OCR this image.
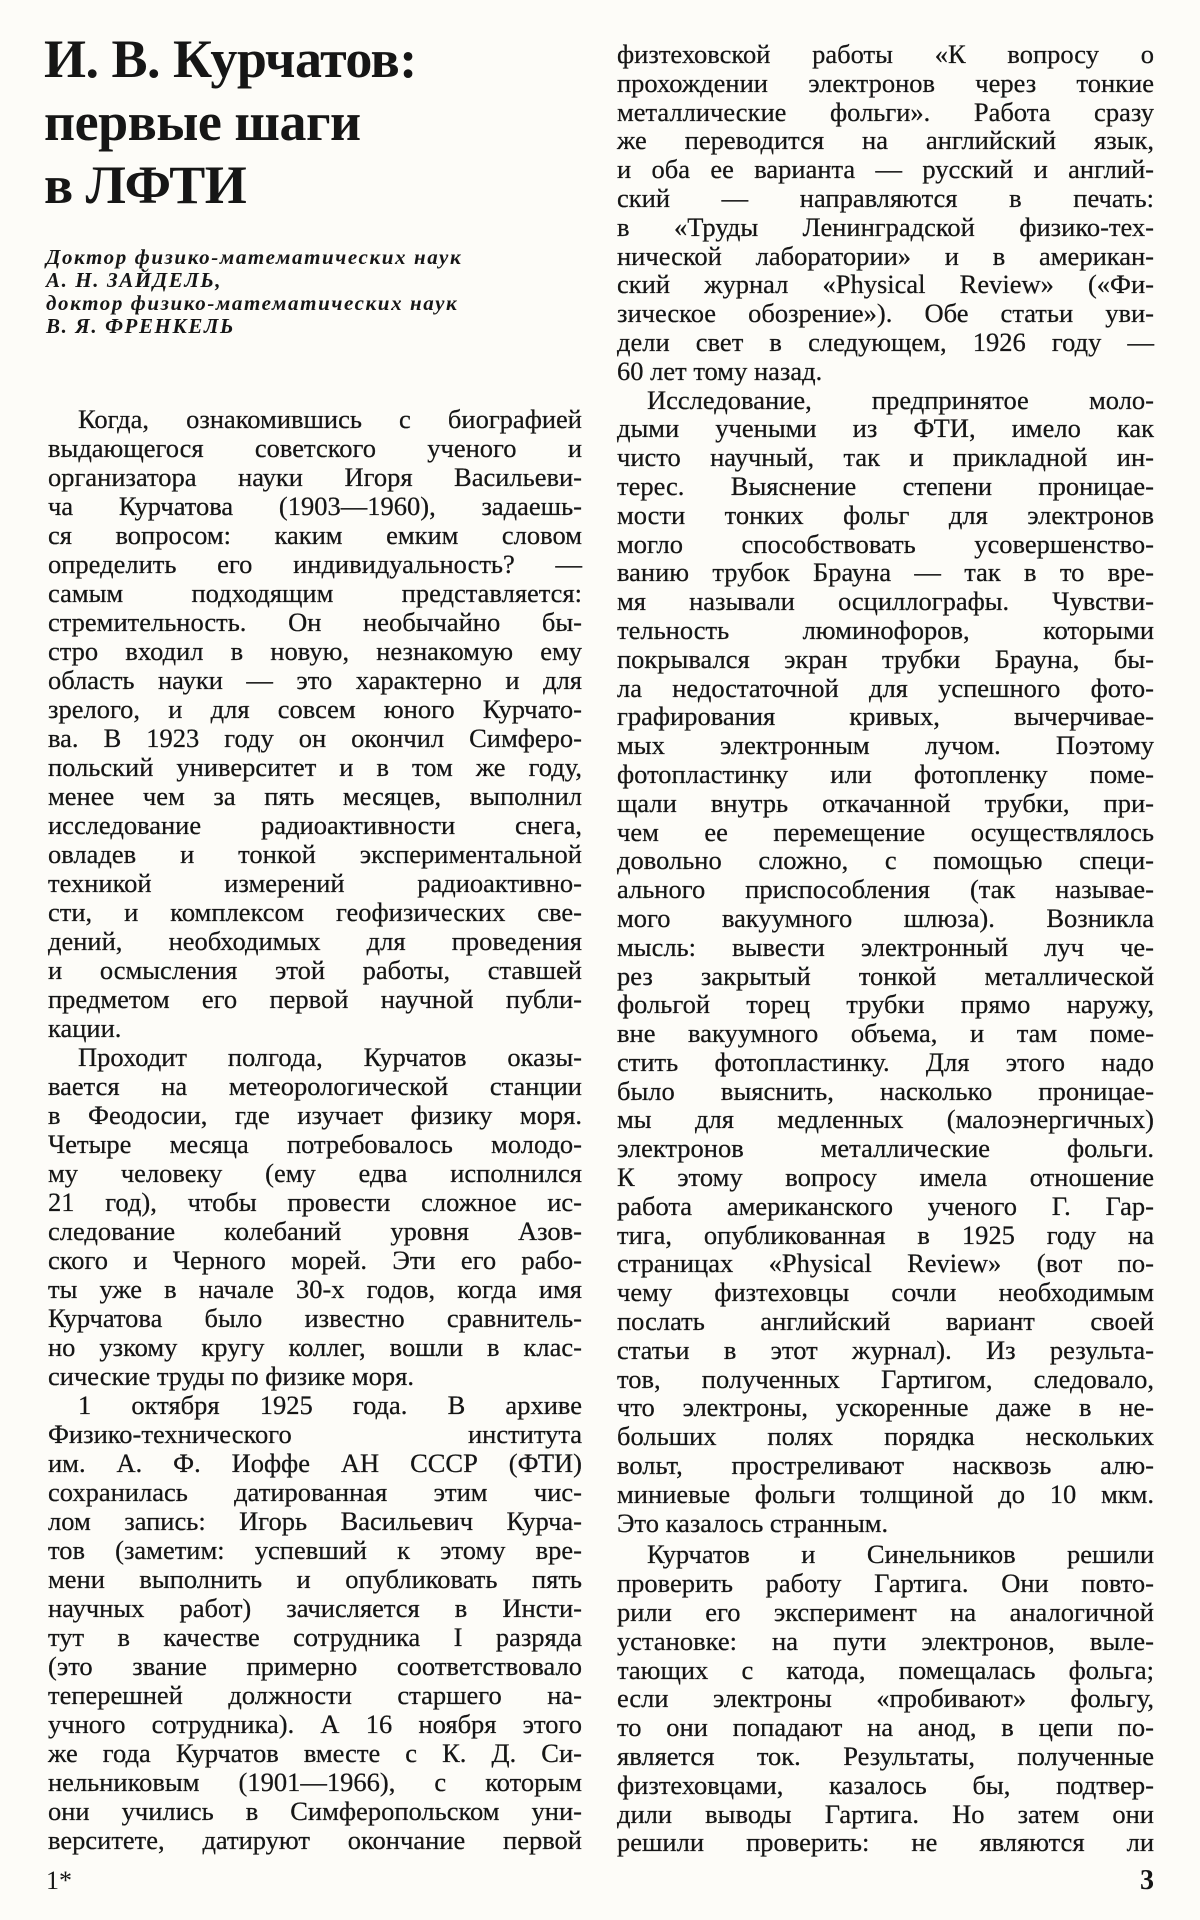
И. В. Курчатов:
первые шаги
в ЛФТИ
Доктор физико-математических наук
А. Н. ЗАЙДЕЛЬ,
доктор физико-математических наук
В. Я. ФРЕНКЕЛЬ
Когда, ознакомившись с биографией
выдающегося советского ученого и
организатора науки Игоря Васильеви-
ча Курчатова (1903—1960), задаешь-
ся вопросом: каким емким словом
определить его индивидуальность? —
самым подходящим представляется:
стремительность. Он необычайно бы-
стро входил в новую, незнакомую ему
область науки — это характерно и для
зрелого, и для совсем юного Курчато-
ва. В 1923 году он окончил Симферо-
польский университет и в том же году,
менее чем за пять месяцев, выполнил
исследование радиоактивности снега,
овладев и тонкой экспериментальной
техникой измерений радиоактивно-
сти, и комплексом геофизических све-
дений, необходимых для проведения
и осмысления этой работы, ставшей
предметом его первой научной публи-
кации.
Проходит полгода, Курчатов оказы-
вается на метеорологической станции
в Феодосии, где изучает физику моря.
Четыре месяца потребовалось молодо-
му человеку (ему едва исполнился
21 год), чтобы провести сложное ис-
следование колебаний уровня Азов-
ского и Черного морей. Эти его рабо-
ты уже в начале 30-х годов, когда имя
Курчатова было известно сравнитель-
но узкому кругу коллег, вошли в клас-
сические труды по физике моря.
1 октября 1925 года. В архиве
Физико-технического института
им. А. Ф. Иоффе АН СССР (ФТИ)
сохранилась датированная этим чис-
лом запись: Игорь Васильевич Курча-
тов (заметим: успевший к этому вре-
мени выполнить и опубликовать пять
научных работ) зачисляется в Инсти-
тут в качестве сотрудника I разряда
(это звание примерно соответствовало
теперешней должности старшего на-
учного сотрудника). А 16 ноября этого
же года Курчатов вместе с К. Д. Си-
нельниковым (1901—1966), с которым
они учились в Симферопольском уни-
верситете, датируют окончание первой
физтеховской работы «К вопросу о
прохождении электронов через тонкие
металлические фольги». Работа сразу
же переводится на английский язык,
и оба ее варианта — русский и англий-
ский — направляются в печать:
в «Труды Ленинградской физико-тех-
нической лаборатории» и в американ-
ский журнал «Physical Review» («Фи-
зическое обозрение»). Обе статьи уви-
дели свет в следующем, 1926 году —
60 лет тому назад.
Исследование, предпринятое моло-
дыми учеными из ФТИ, имело как
чисто научный, так и прикладной ин-
терес. Выяснение степени проницае-
мости тонких фольг для электронов
могло способствовать усовершенство-
ванию трубок Брауна — так в то вре-
мя называли осциллографы. Чувстви-
тельность люминофоров, которыми
покрывался экран трубки Брауна, бы-
ла недостаточной для успешного фото-
графирования кривых, вычерчивае-
мых электронным лучом. Поэтому
фотопластинку или фотопленку поме-
щали внутрь откачанной трубки, при-
чем ее перемещение осуществлялось
довольно сложно, с помощью специ-
ального приспособления (так называе-
мого вакуумного шлюза). Возникла
мысль: вывести электронный луч че-
рез закрытый тонкой металлической
фольгой торец трубки прямо наружу,
вне вакуумного объема, и там поме-
стить фотопластинку. Для этого надо
было выяснить, насколько проницае-
мы для медленных (малоэнергичных)
электронов металлические фольги.
К этому вопросу имела отношение
работа американского ученого Г. Гар-
тига, опубликованная в 1925 году на
страницах «Physical Review» (вот по-
чему физтеховцы сочли необходимым
послать английский вариант своей
статьи в этот журнал). Из результа-
тов, полученных Гартигом, следовало,
что электроны, ускоренные даже в не-
больших полях порядка нескольких
вольт, простреливают насквозь алю-
миниевые фольги толщиной до 10 мкм.
Это казалось странным.
Курчатов и Синельников решили
проверить работу Гартига. Они повто-
рили его эксперимент на аналогичной
установке: на пути электронов, выле-
тающих с катода, помещалась фольга;
если электроны «пробивают» фольгу,
то они попадают на анод, в цепи по-
является ток. Результаты, полученные
физтеховцами, казалось бы, подтвер-
дили выводы Гартига. Но затем они
решили проверить: не являются ли
1*	3
